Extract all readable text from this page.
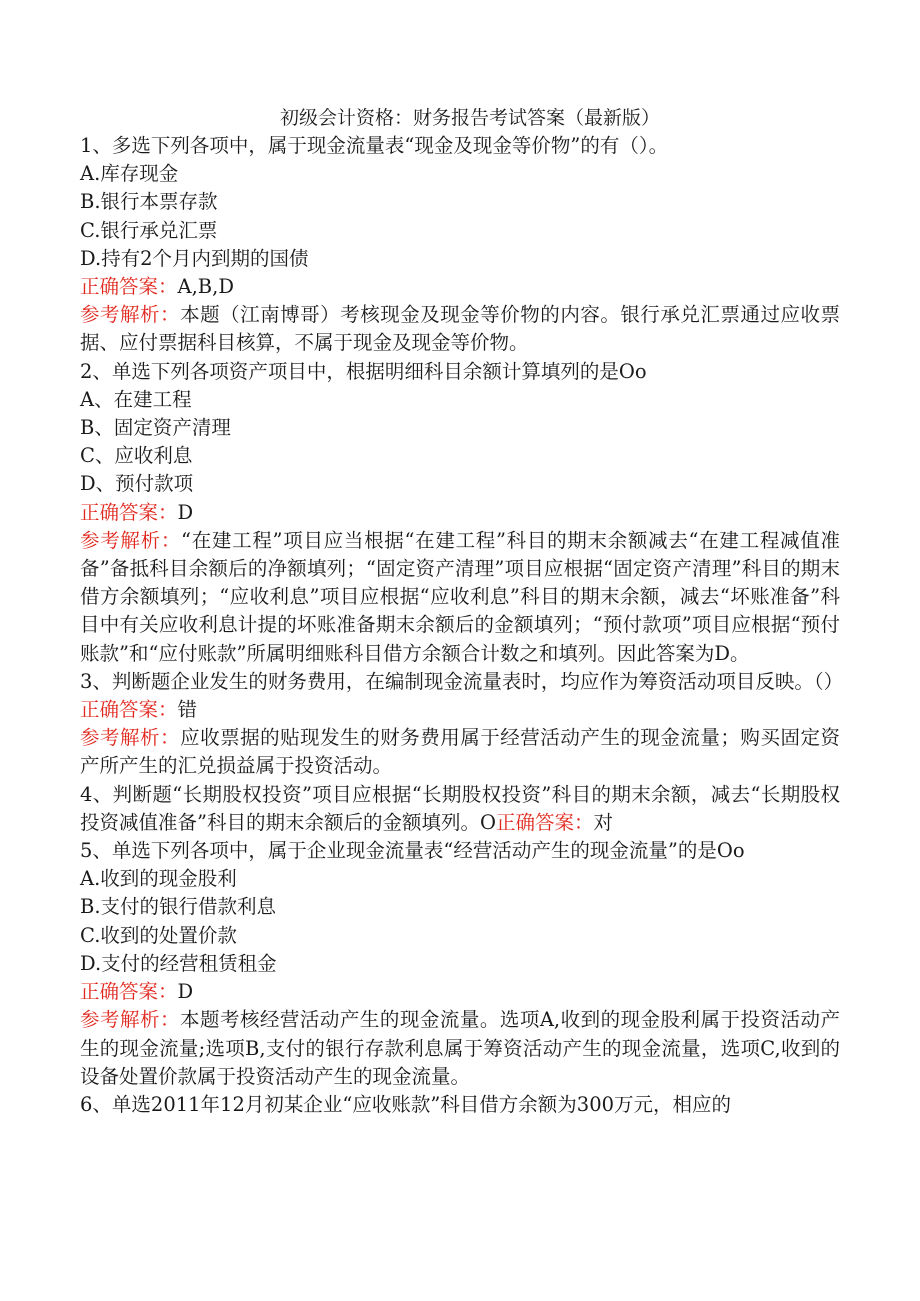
初级会计资格：财务报告考试答案（最新版）

1、多选下列各项中，属于现金流量表“现金及现金等价物”的有（）。

A.库存现金

B.银行本票存款

C.银行承兑汇票

D.持有2个月内到期的国债

正确答案：A,B,D

参考解析：本题（江南博哥）考核现金及现金等价物的内容。银行承兑汇票通过应收票据、应付票据科目核算，不属于现金及现金等价物。

2、单选下列各项资产项目中，根据明细科目余额计算填列的是Oo

A、在建工程

B、固定资产清理

C、应收利息

D、预付款项

正确答案：D

参考解析：“在建工程”项目应当根据“在建工程”科目的期末余额减去“在建工程减值准备”备抵科目余额后的净额填列；“固定资产清理”项目应根据“固定资产清理”科目的期末借方余额填列；“应收利息”项目应根据“应收利息”科目的期末余额，减去“坏账准备”科目中有关应收利息计提的坏账准备期末余额后的金额填列；“预付款项”项目应根据“预付账款”和“应付账款”所属明细账科目借方余额合计数之和填列。因此答案为D。

3、判断题企业发生的财务费用，在编制现金流量表时，均应作为筹资活动项目反映。（）

正确答案：错

参考解析：应收票据的贴现发生的财务费用属于经营活动产生的现金流量；购买固定资产所产生的汇兑损益属于投资活动。

4、判断题“长期股权投资”项目应根据“长期股权投资”科目的期末余额，减去“长期股权投资减值准备”科目的期末余额后的金额填列。O正确答案：对

5、单选下列各项中，属于企业现金流量表“经营活动产生的现金流量”的是Oo

A.收到的现金股利

B.支付的银行借款利息

C.收到的处置价款

D.支付的经营租赁租金

正确答案：D

参考解析：本题考核经营活动产生的现金流量。选项A,收到的现金股利属于投资活动产生的现金流量;选项B,支付的银行存款利息属于筹资活动产生的现金流量，选项C,收到的设备处置价款属于投资活动产生的现金流量。

6、单选2011年12月初某企业“应收账款”科目借方余额为300万元，相应的
